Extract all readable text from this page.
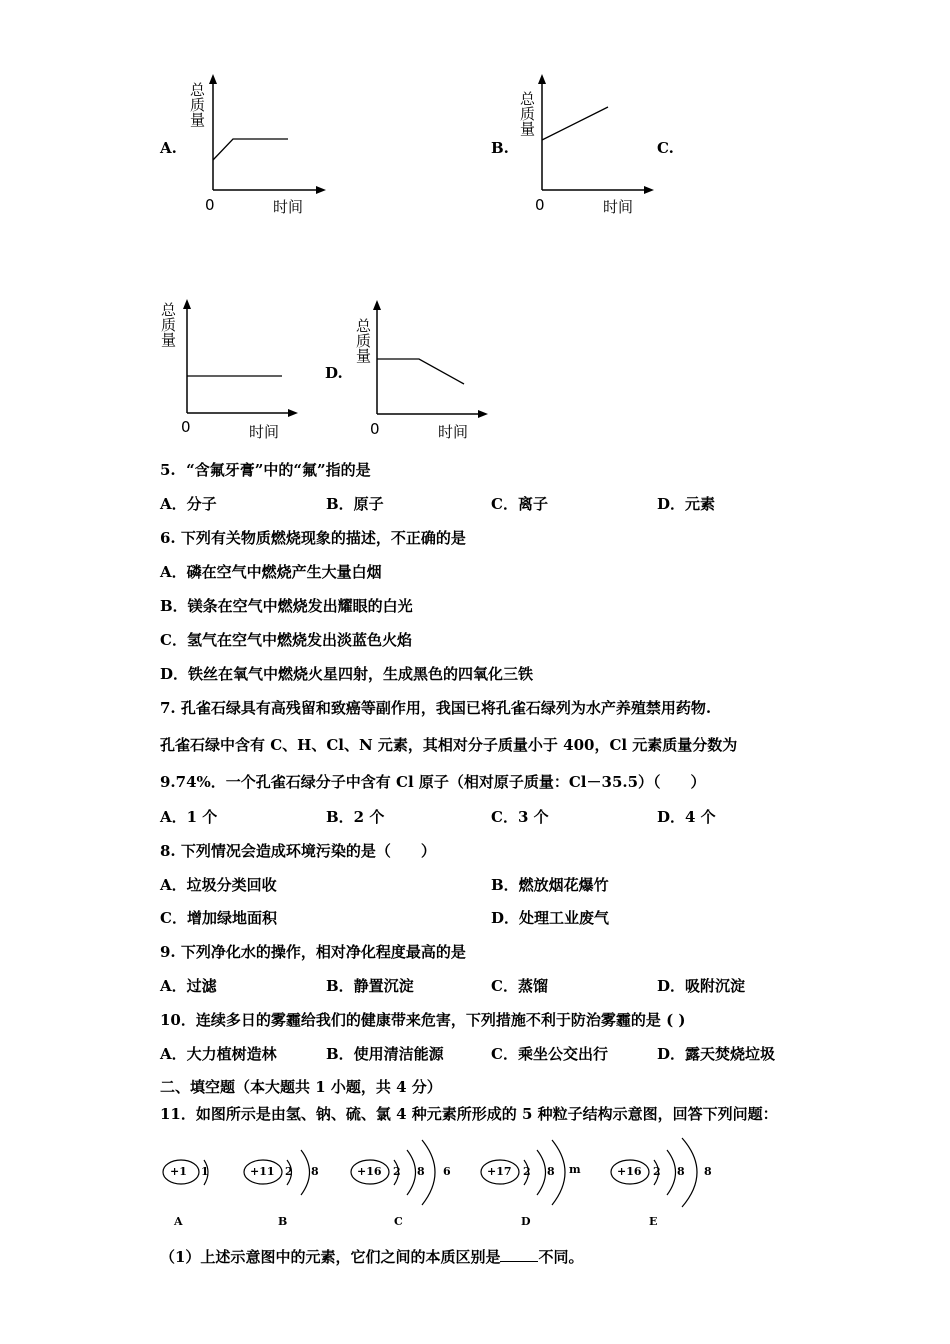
A.
总质量
0	时间
B.
总质量
0	时间
C.
总质量
0	时间
D.
总质量
0	时间
5. “含氟牙膏”中的“氟”指的是
A．分子	B．原子	C．离子	D．元素
6. 下列有关物质燃烧现象的描述，不正确的是
A．磷在空气中燃烧产生大量白烟
B．镁条在空气中燃烧发出耀眼的白光
C．氢气在空气中燃烧发出淡蓝色火焰
D．铁丝在氧气中燃烧火星四射，生成黑色的四氧化三铁
7. 孔雀石绿具有高残留和致癌等副作用，我国已将孔雀石绿列为水产养殖禁用药物.
孔雀石绿中含有 C、H、Cl、N 元素，其相对分子质量小于 400，Cl 元素质量分数为
9.74%．一个孔雀石绿分子中含有 Cl 原子（相对原子质量：Cl－35.5）（　　）
A．1 个	B．2 个	C．3 个	D．4 个
8. 下列情况会造成环境污染的是（　　）
A．垃圾分类回收	B．燃放烟花爆竹
C．增加绿地面积	D．处理工业废气
9. 下列净化水的操作，相对净化程度最高的是
A．过滤	B．静置沉淀	C．蒸馏	D．吸附沉淀
10．连续多日的雾霾给我们的健康带来危害，下列措施不利于防治雾霾的是 ( )
A．大力植树造林	B．使用清洁能源	C．乘坐公交出行	D．露天焚烧垃圾
二、填空题（本大题共 1 小题，共 4 分）
11．如图所示是由氢、钠、硫、氯 4 种元素所形成的 5 种粒子结构示意图，回答下列问题：
+1 1
A
+11 2 8
B
+16 2 8 6
C
+17 2 8 m
D
+16 2 8 8
E
（1）上述示意图中的元素，它们之间的本质区别是	不同。
